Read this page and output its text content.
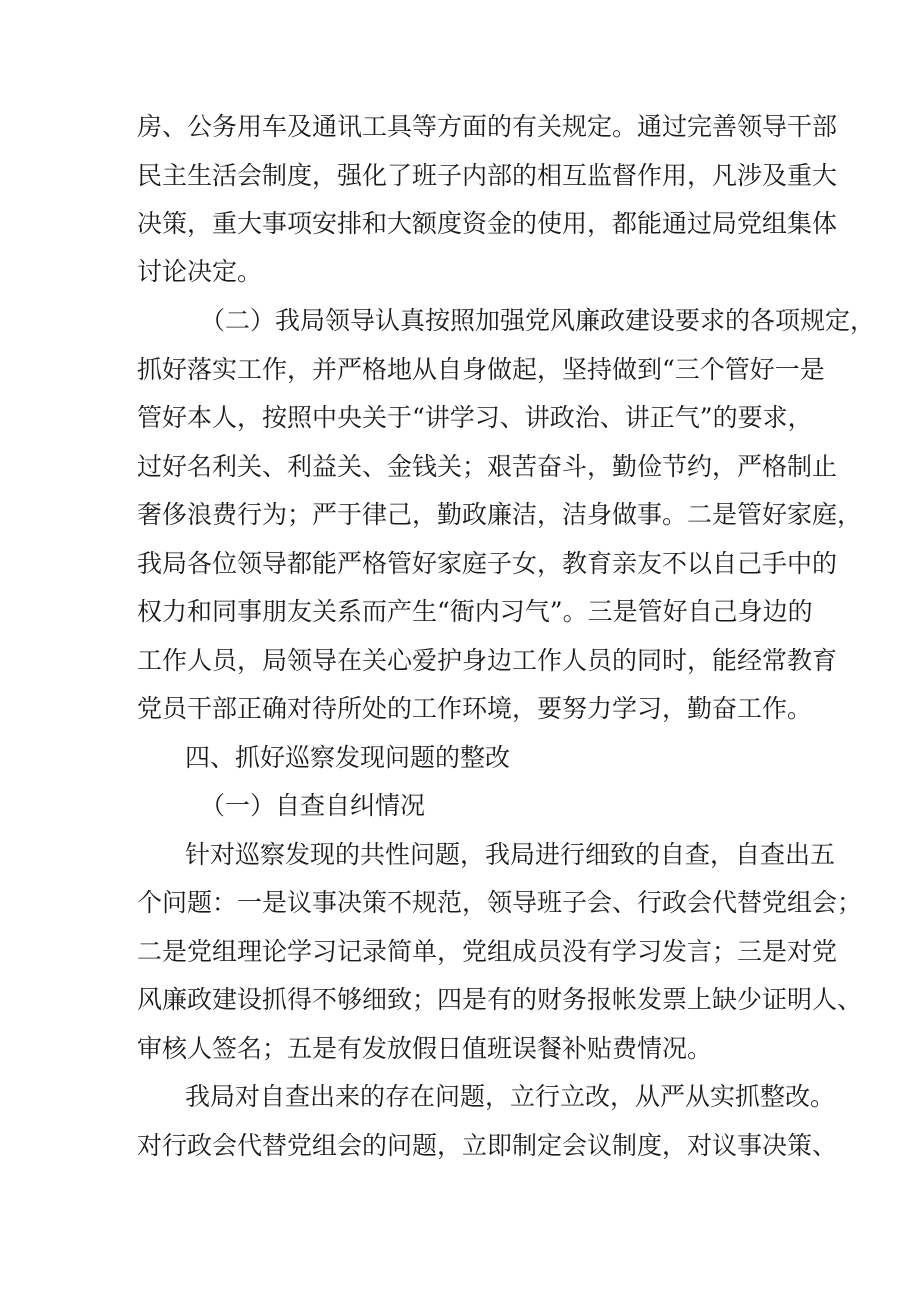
房、公务用车及通讯工具等方面的有关规定。通过完善领导干部
民主生活会制度，强化了班子内部的相互监督作用，凡涉及重大
决策，重大事项安排和大额度资金的使用，都能通过局党组集体
讨论决定。
（二）我局领导认真按照加强党风廉政建设要求的各项规定，
抓好落实工作，并严格地从自身做起，坚持做到“三个管好一是
管好本人，按照中央关于“讲学习、讲政治、讲正气”的要求，
过好名利关、利益关、金钱关；艰苦奋斗，勤俭节约，严格制止
奢侈浪费行为；严于律己，勤政廉洁，洁身做事。二是管好家庭，
我局各位领导都能严格管好家庭子女，教育亲友不以自己手中的
权力和同事朋友关系而产生“衙内习气”。三是管好自己身边的
工作人员，局领导在关心爱护身边工作人员的同时，能经常教育
党员干部正确对待所处的工作环境，要努力学习，勤奋工作。
四、抓好巡察发现问题的整改
（一）自查自纠情况
针对巡察发现的共性问题，我局进行细致的自查，自查出五
个问题：一是议事决策不规范，领导班子会、行政会代替党组会；
二是党组理论学习记录简单，党组成员没有学习发言；三是对党
风廉政建设抓得不够细致；四是有的财务报帐发票上缺少证明人、
审核人签名；五是有发放假日值班误餐补贴费情况。
我局对自查出来的存在问题，立行立改，从严从实抓整改。
对行政会代替党组会的问题，立即制定会议制度，对议事决策、
